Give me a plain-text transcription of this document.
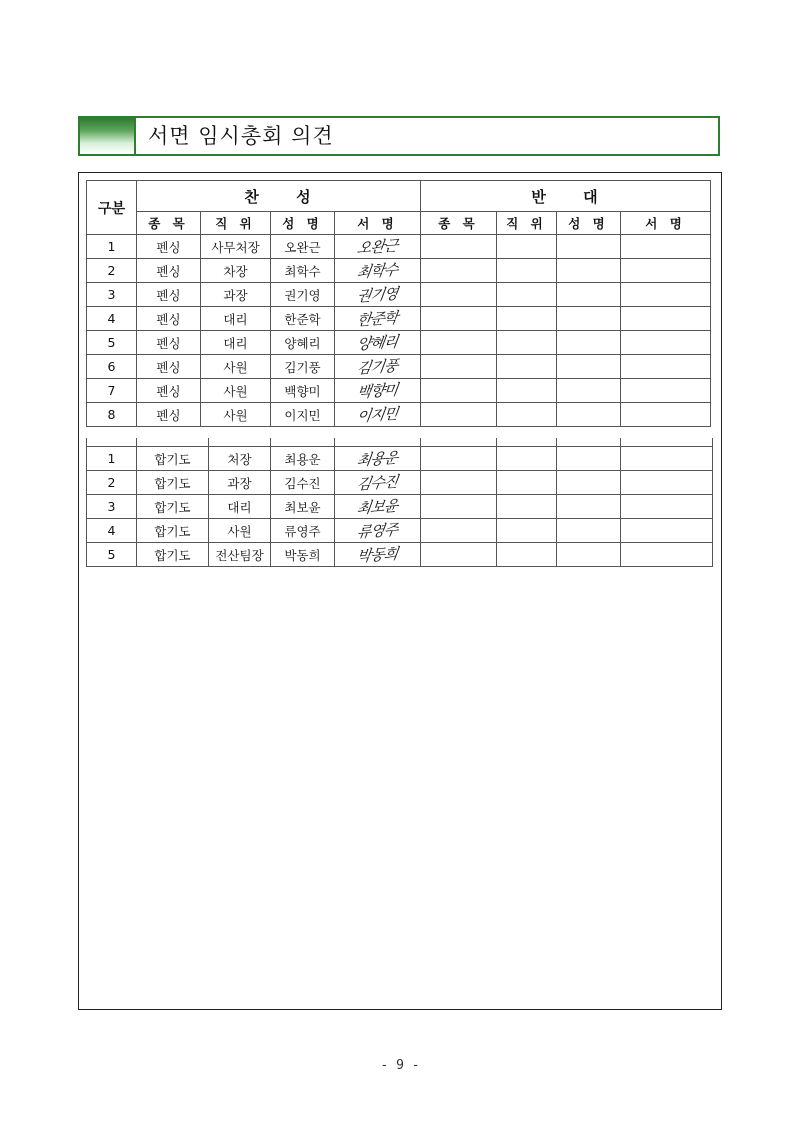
서면 임시총회 의견
구분	찬 성				반 대			
	종 목	직 위	성 명	서 명	종 목	직 위	성 명	서 명
1	펜싱	사무처장	오완근	오완근				
2	펜싱	차장	최학수	최학수				
3	펜싱	과장	권기영	권기영				
4	펜싱	대리	한준학	한준학				
5	펜싱	대리	양혜리	양혜리				
6	펜싱	사원	김기풍	김기풍				
7	펜싱	사원	백향미	백향미				
8	펜싱	사원	이지민	이지민				

1	합기도	처장	최용운	최용운				
2	합기도	과장	김수진	김수진				
3	합기도	대리	최보윤	최보윤				
4	합기도	사원	류영주	류영주				
5	합기도	전산팀장	박동희	박동희				
- 9 -
